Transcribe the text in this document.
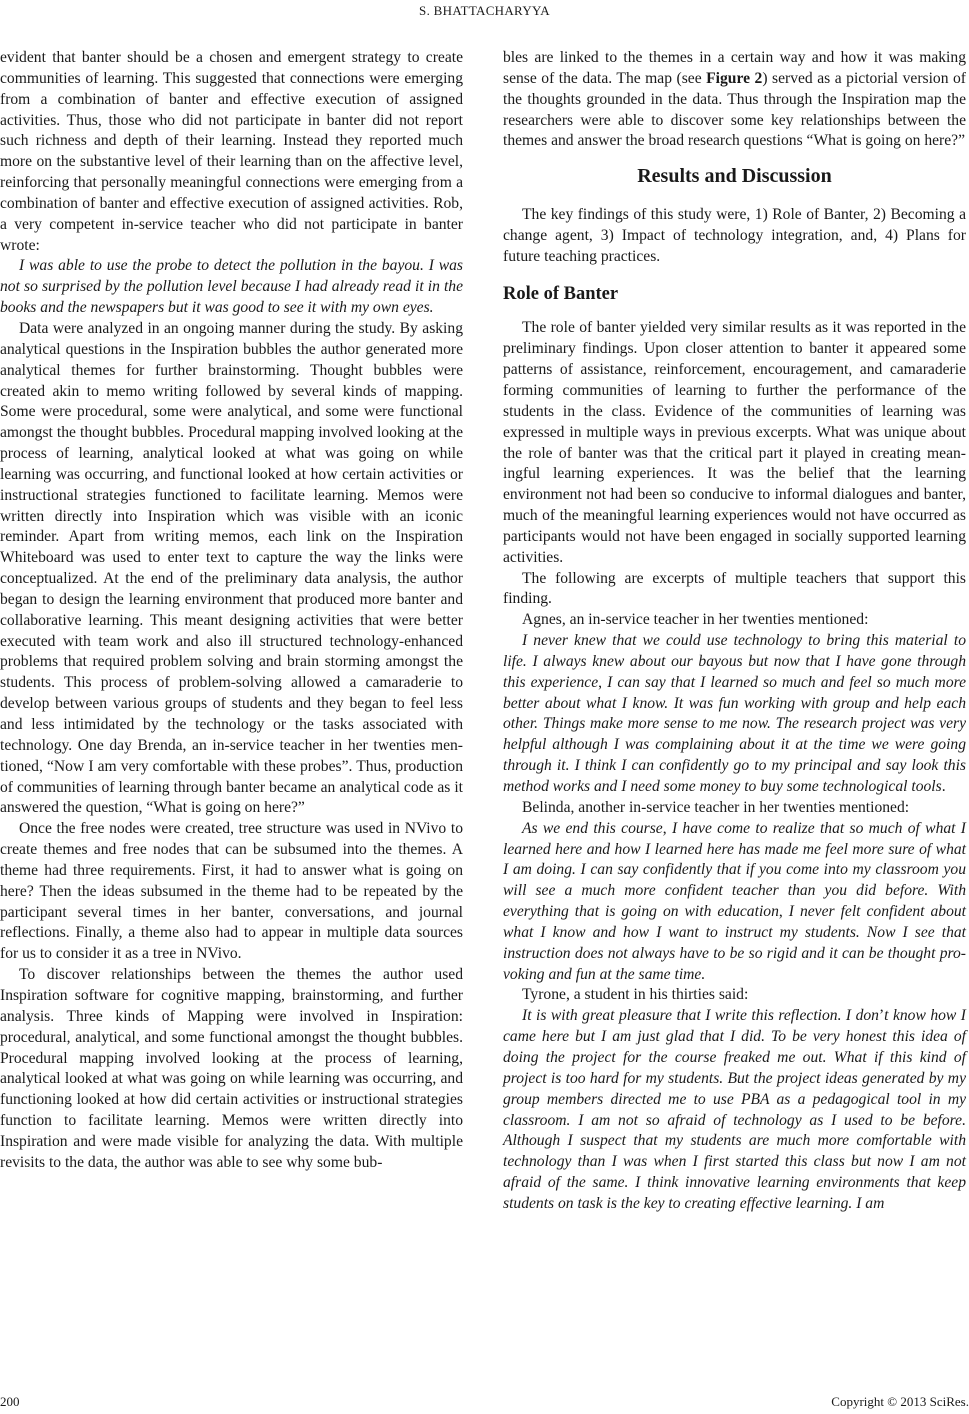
S. BHATTACHARYYA

evident that banter should be a chosen and emergent strategy to create communities of learning. This suggested that connections were emerging from a combination of banter and effective execution of assigned activities. Thus, those who did not participate in banter did not report such richness and depth of their learning. Instead they reported much more on the substantive level of their learning than on the affective level, reinforcing that personally meaningful connections were emerging from a combination of banter and effective execution of assigned activities. Rob, a very competent in-service teacher who did not participate in banter wrote:

I was able to use the probe to detect the pollution in the bayou. I was not so surprised by the pollution level because I had already read it in the books and the newspapers but it was good to see it with my own eyes.

Data were analyzed in an ongoing manner during the study. By asking analytical questions in the Inspiration bubbles the author generated more analytical themes for further brainstorming. Thought bubbles were created akin to memo writing followed by several kinds of mapping. Some were procedural, some were analytical, and some were functional amongst the thought bubbles. Procedural mapping involved looking at the process of learning, analytical looked at what was going on while learning was occurring, and functional looked at how certain activities or instructional strategies functioned to facilitate learning. Memos were written directly into Inspiration which was visible with an iconic reminder. Apart from writing memos, each link on the Inspiration Whiteboard was used to enter text to capture the way the links were conceptualized. At the end of the preliminary data analysis, the author began to design the learning environment that produced more banter and collaborative learning. This meant designing activities that were better executed with team work and also ill structured technology-enhanced problems that required problem solving and brain storming amongst the students. This process of problem-solving allowed a camaraderie to develop between various groups of students and they began to feel less and less intimidated by the technology or the tasks associated with technology. One day Brenda, an in-service teacher in her twenties mentioned, “Now I am very comfortable with these probes”. Thus, production of communities of learning through banter became an analytical code as it answered the question, “What is going on here?”

Once the free nodes were created, tree structure was used in NVivo to create themes and free nodes that can be subsumed into the themes. A theme had three requirements. First, it had to answer what is going on here? Then the ideas subsumed in the theme had to be repeated by the participant several times in her banter, conversations, and journal reflections. Finally, a theme also had to appear in multiple data sources for us to consider it as a tree in NVivo.

To discover relationships between the themes the author used Inspiration software for cognitive mapping, brainstorming, and further analysis. Three kinds of Mapping were involved in Inspiration: procedural, analytical, and some functional amongst the thought bubbles. Procedural mapping involved looking at the process of learning, analytical looked at what was going on while learning was occurring, and functioning looked at how did certain activities or instructional strategies function to facilitate learning. Memos were written directly into Inspiration and were made visible for analyzing the data. With multiple revisits to the data, the author was able to see why some bub-

bles are linked to the themes in a certain way and how it was making sense of the data. The map (see Figure 2) served as a pictorial version of the thoughts grounded in the data. Thus through the Inspiration map the researchers were able to discover some key relationships between the themes and answer the broad research questions “What is going on here?”

Results and Discussion

The key findings of this study were, 1) Role of Banter, 2) Becoming a change agent, 3) Impact of technology integration, and, 4) Plans for future teaching practices.

Role of Banter

The role of banter yielded very similar results as it was reported in the preliminary findings. Upon closer attention to banter it appeared some patterns of assistance, reinforcement, encouragement, and camaraderie forming communities of learning to further the performance of the students in the class. Evidence of the communities of learning was expressed in multiple ways in previous excerpts. What was unique about the role of banter was that the critical part it played in creating meaningful learning experiences. It was the belief that the learning environment not had been so conducive to informal dialogues and banter, much of the meaningful learning experiences would not have occurred as participants would not have been engaged in socially supported learning activities.

The following are excerpts of multiple teachers that support this finding.

Agnes, an in-service teacher in her twenties mentioned:

I never knew that we could use technology to bring this material to life. I always knew about our bayous but now that I have gone through this experience, I can say that I learned so much and feel so much more better about what I know. It was fun working with group and help each other. Things make more sense to me now. The research project was very helpful although I was complaining about it at the time we were going through it. I think I can confidently go to my principal and say look this method works and I need some money to buy some technological tools.

Belinda, another in-service teacher in her twenties mentioned:

As we end this course, I have come to realize that so much of what I learned here and how I learned here has made me feel more sure of what I am doing. I can say confidently that if you come into my classroom you will see a much more confident teacher than you did before. With everything that is going on with education, I never felt confident about what I know and how I want to instruct my students. Now I see that instruction does not always have to be so rigid and it can be thought provoking and fun at the same time.

Tyrone, a student in his thirties said:

It is with great pleasure that I write this reflection. I don’t know how I came here but I am just glad that I did. To be very honest this idea of doing the project for the course freaked me out. What if this kind of project is too hard for my students. But the project ideas generated by my group members directed me to use PBA as a pedagogical tool in my classroom. I am not so afraid of technology as I used to be before. Although I suspect that my students are much more comfortable with technology than I was when I first started this class but now I am not afraid of the same. I think innovative learning environments that keep students on task is the key to creating effective learning. I am

200	Copyright © 2013 SciRes.
